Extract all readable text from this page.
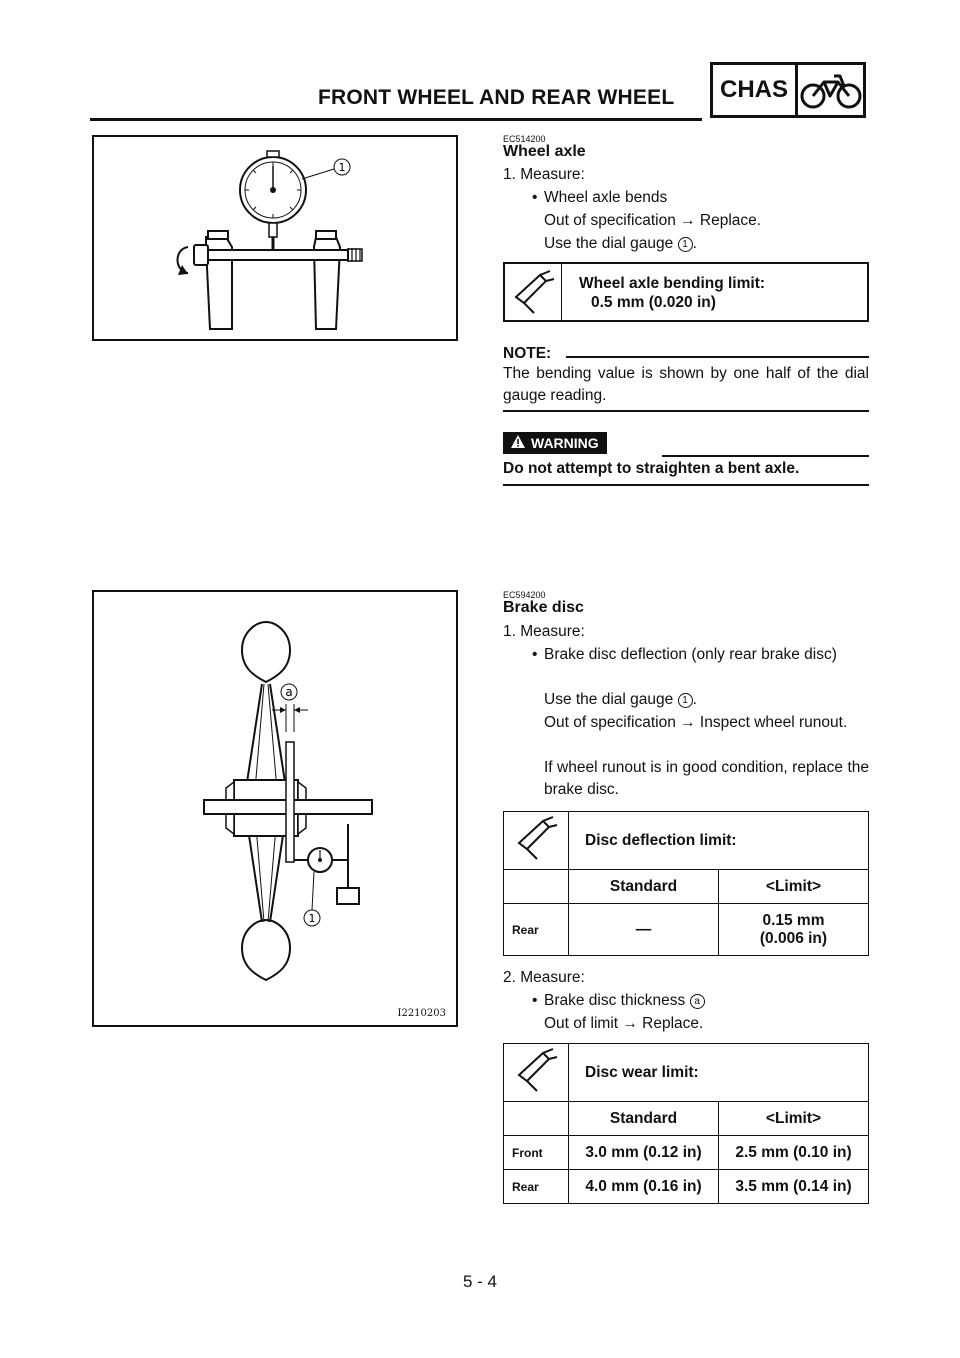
FRONT WHEEL AND REAR WHEEL CHAS
1
a
1
I2210203
EC514200
Wheel axle
1. Measure:
• Wheel axle bends
Out of specification → Replace.
Use the dial gauge 1 .
Wheel axle bending limit:
0.5 mm (0.020 in)
NOTE:
The bending value is shown by one half of the dial gauge reading.
WARNING
Do not attempt to straighten a bent axle.
EC594200
Brake disc
1. Measure:
• Brake disc deflection (only rear brake disc)
Use the dial gauge 1 .
Out of specification → Inspect wheel runout.
If wheel runout is in good condition, replace the brake disc.
	Disc deflection limit:	
	Standard	<Limit>
Rear	—	0.15 mm
(0.006 in)
2. Measure:
• Brake disc thickness a
Out of limit → Replace.
	Disc wear limit:	
	Standard	<Limit>
Front	3.0 mm (0.12 in)	2.5 mm (0.10 in)
Rear	4.0 mm (0.16 in)	3.5 mm (0.14 in)
5 - 4
